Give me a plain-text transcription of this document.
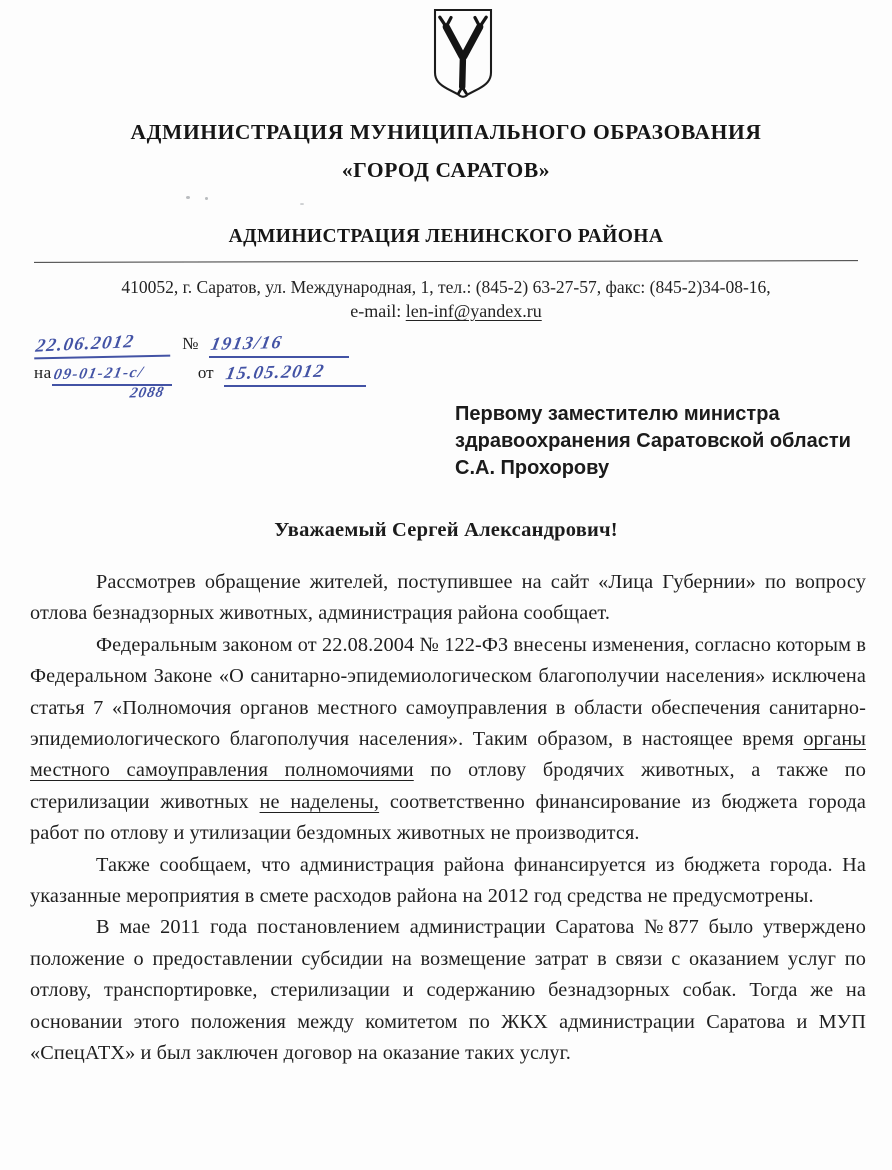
АДМИНИСТРАЦИЯ МУНИЦИПАЛЬНОГО ОБРАЗОВАНИЯ
«ГОРОД САРАТОВ»
АДМИНИСТРАЦИЯ ЛЕНИНСКОГО РАЙОНА
410052, г. Саратов, ул. Международная, 1, тел.: (845-2) 63-27-57, факс: (845-2)34-08-16,
e-mail: len-inf@yandex.ru
22.06.2012	№ 1913/16
на09-01-21-с/
2088
от 15.05.2012
Первому заместителю министра
здравоохранения Саратовской области
С.А. Прохорову
Уважаемый Сергей Александрович!

Рассмотрев обращение жителей, поступившее на сайт «Лица Губернии» по вопросу отлова безнадзорных животных, администрация района сообщает.

Федеральным законом от 22.08.2004 № 122-ФЗ внесены изменения, согласно которым в Федеральном Законе «О санитарно-эпидемиологическом благополучии населения» исключена статья 7 «Полномочия органов местного самоуправления в области обеспечения санитарно-эпидемиологического благополучия населения». Таким образом, в настоящее время органы местного самоуправления полномочиями по отлову бродячих животных, а также по стерилизации животных не наделены, соответственно финансирование из бюджета города работ по отлову и утилизации бездомных животных не производится.

Также сообщаем, что администрация района финансируется из бюджета города. На указанные мероприятия в смете расходов района на 2012 год средства не предусмотрены.

В мае 2011 года постановлением администрации Саратова №877 было утверждено положение о предоставлении субсидии на возмещение затрат в связи с оказанием услуг по отлову, транспортировке, стерилизации и содержанию безнадзорных собак. Тогда же на основании этого положения между комитетом по ЖКХ администрации Саратова и МУП «СпецАТХ» и был заключен договор на оказание таких услуг.
